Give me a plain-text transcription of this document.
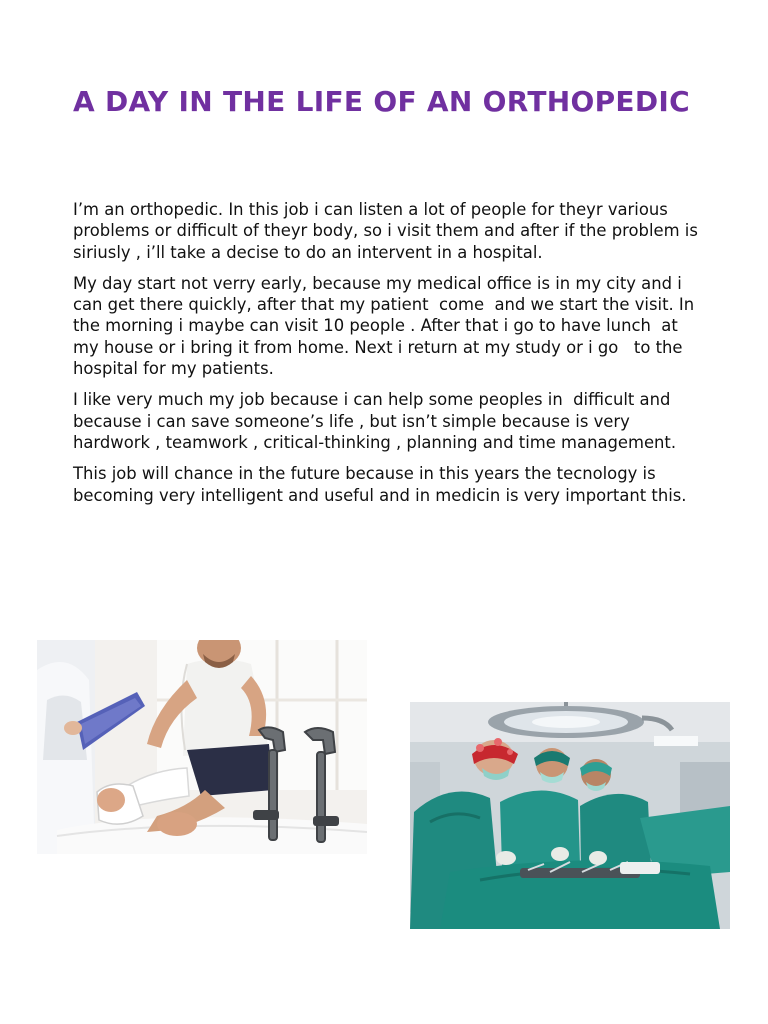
A DAY IN THE LIFE OF AN ORTHOPEDIC

I’m an orthopedic. In this job i can listen a lot of people for theyr various problems or difficult of theyr body, so i visit them and after if the problem is siriusly , i’ll take a decise to do an intervent in a hospital.

My day start not verry early, because my medical office is in my city and i can get there quickly, after that my patient  come  and we start the visit. In the morning i maybe can visit 10 people . After that i go to have lunch  at my house or i bring it from home. Next i return at my study or i go   to the hospital for my patients.

I like very much my job because i can help some peoples in  difficult and because i can save someone’s life , but isn’t simple because is very hardwork , teamwork , critical-thinking , planning and time management.

This job will chance in the future because in this years the tecnology is becoming very intelligent and useful and in medicin is very important this.
